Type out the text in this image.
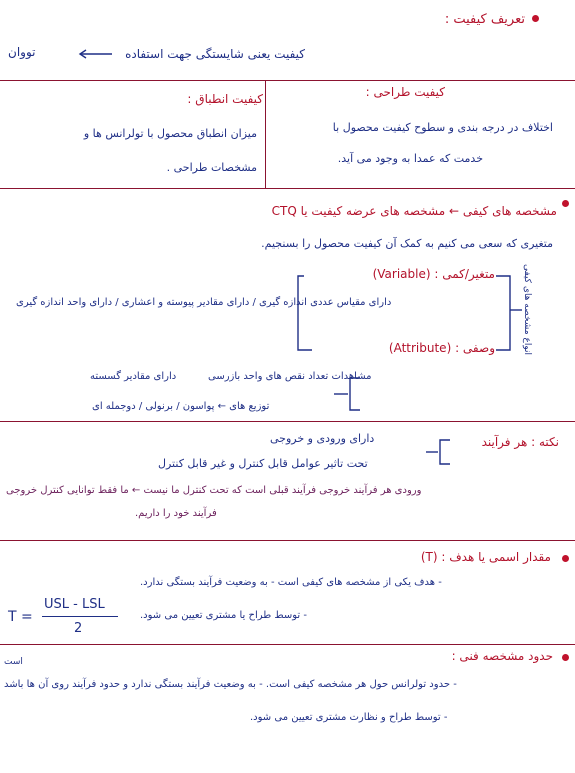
تعریف کیفیت :
تووان	کیفیت یعنی شایستگی جهت استفاده
کیفیت طراحی :
اختلاف در درجه بندی و سطوح کیفیت محصول با
خدمت که عمدا به وجود می آید.
کیفیت انطباق :
میزان انطباق محصول با تولرانس ها و
مشخصات طراحی .
مشخصه های کیفی ← مشخصه های عرضه کیفیت یا CTQ
متغیری که سعی می کنیم به کمک آن کیفیت محصول را بسنجیم.
انواع مشخصه های کیفی
متغیر/کمی : (Variable)
دارای مقیاس عددی اندازه گیری / دارای مقادیر پیوسته و اعشاری / دارای واحد اندازه گیری
وصفی : (Attribute)
دارای مقادیر گسسته	مشاهدات تعداد نقص های واحد بازرسی
توزیع های ← پواسون / برنولی / دوجمله ای
نکته : هر فرآیند
دارای ورودی و خروجی
تحت تاثیر عوامل قابل کنترل و غیر قابل کنترل
ورودی هر فرآیند خروجی فرآیند قبلی است که تحت کنترل ما نیست ← ما فقط توانایی کنترل خروجی
فرآیند خود را داریم.
مقدار اسمی یا هدف : (T)
- هدف یکی از مشخصه های کیفی است - به وضعیت فرآیند بستگی ندارد.
- توسط طراح یا مشتری تعیین می شود.
T =
USL - LSL
2
حدود مشخصه فنی :
است
- حدود تولرانس حول هر مشخصه کیفی است. - به وضعیت فرآیند بستگی ندارد و حدود فرآیند روی آن ها باشد
- توسط طراح و نظارت مشتری تعیین می شود.
